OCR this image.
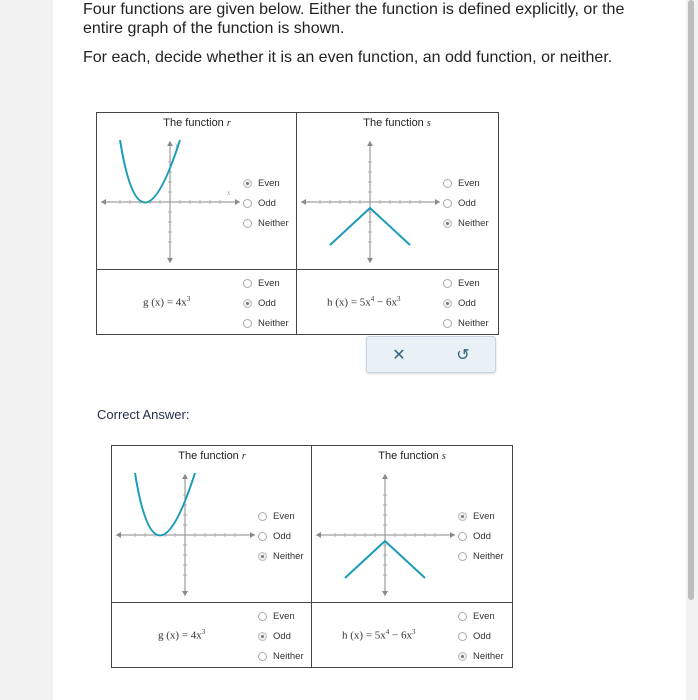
Four functions are given below. Either the function is defined explicitly, or the
entire graph of the function is shown.
For each, decide whether it is an even function, an odd function, or neither.
The function r
y
x
Even
Odd
Neither
The function s
Even
Odd
Neither
g $(x) = 4x^3$
Even
Odd
Neither
h $(x) = 5x^4 - 6x^3$
Even
Odd
Neither
✕	↺
Correct Answer:
The function r
Even
Odd
Neither
The function s
Even
Odd
Neither
g $(x) = 4x^3$
Even
Odd
Neither
h $(x) = 5x^4 - 6x^3$
Even
Odd
Neither
